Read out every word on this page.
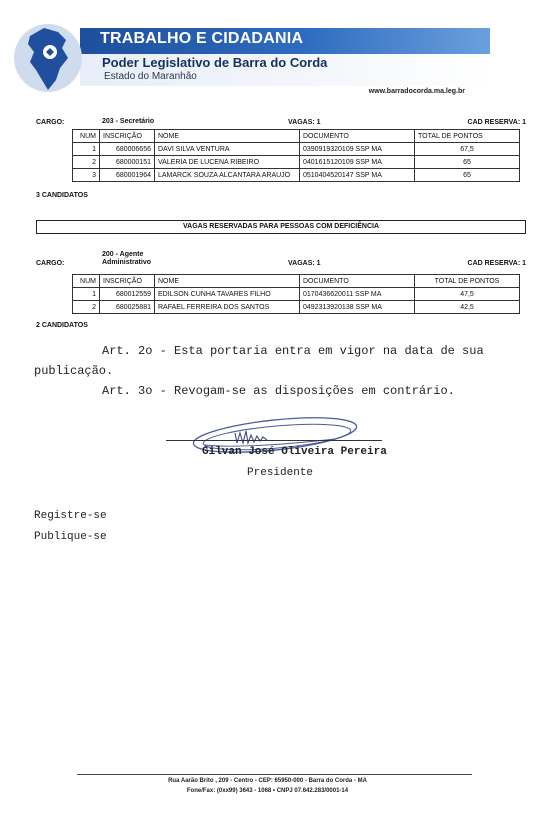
TRABALHO E CIDADANIA
Poder Legislativo de Barra do Corda
Estado do Maranhão
www.barradocorda.ma.leg.br
CARGO:	203 - Secretário	VAGAS: 1	CAD RESERVA: 1
NUM	INSCRIÇÃO	NOME	DOCUMENTO	TOTAL DE PONTOS
1	680006656	DAVI SILVA VENTURA	0390919320109 SSP MA	67,5
2	680000151	VALERIA DE LUCENA RIBEIRO	0401615120109 SSP MA	65
3	680001964	LAMARCK SOUZA ALCANTARA ARAUJO	0510404520147 SSP MA	65
3 CANDIDATOS
VAGAS RESERVADAS PARA PESSOAS COM DEFICIÊNCIA
CARGO:
200 - Agente Administrativo	VAGAS: 1	CAD RESERVA: 1
NUM	INSCRIÇÃO	NOME	DOCUMENTO	TOTAL DE PONTOS
1	680012559	EDILSON CUNHA TAVARES FILHO	0170436620011 SSP MA	47,5
2	680025881	RAFAEL FERREIRA DOS SANTOS	0492313920138 SSP MA	42,5
2 CANDIDATOS
Art. 2o - Esta portaria entra em vigor na data de sua
publicação.
Art. 3o - Revogam-se as disposições em contrário.
Gilvan José Oliveira Pereira
Presidente
Registre-se
Publique-se
Rua Aarão Brito , 209 - Centro - CEP: 65950-000 - Barra do Corda - MA
Fone/Fax: (0xx99) 3643 - 1068 • CNPJ 07.642.283/0001-14
